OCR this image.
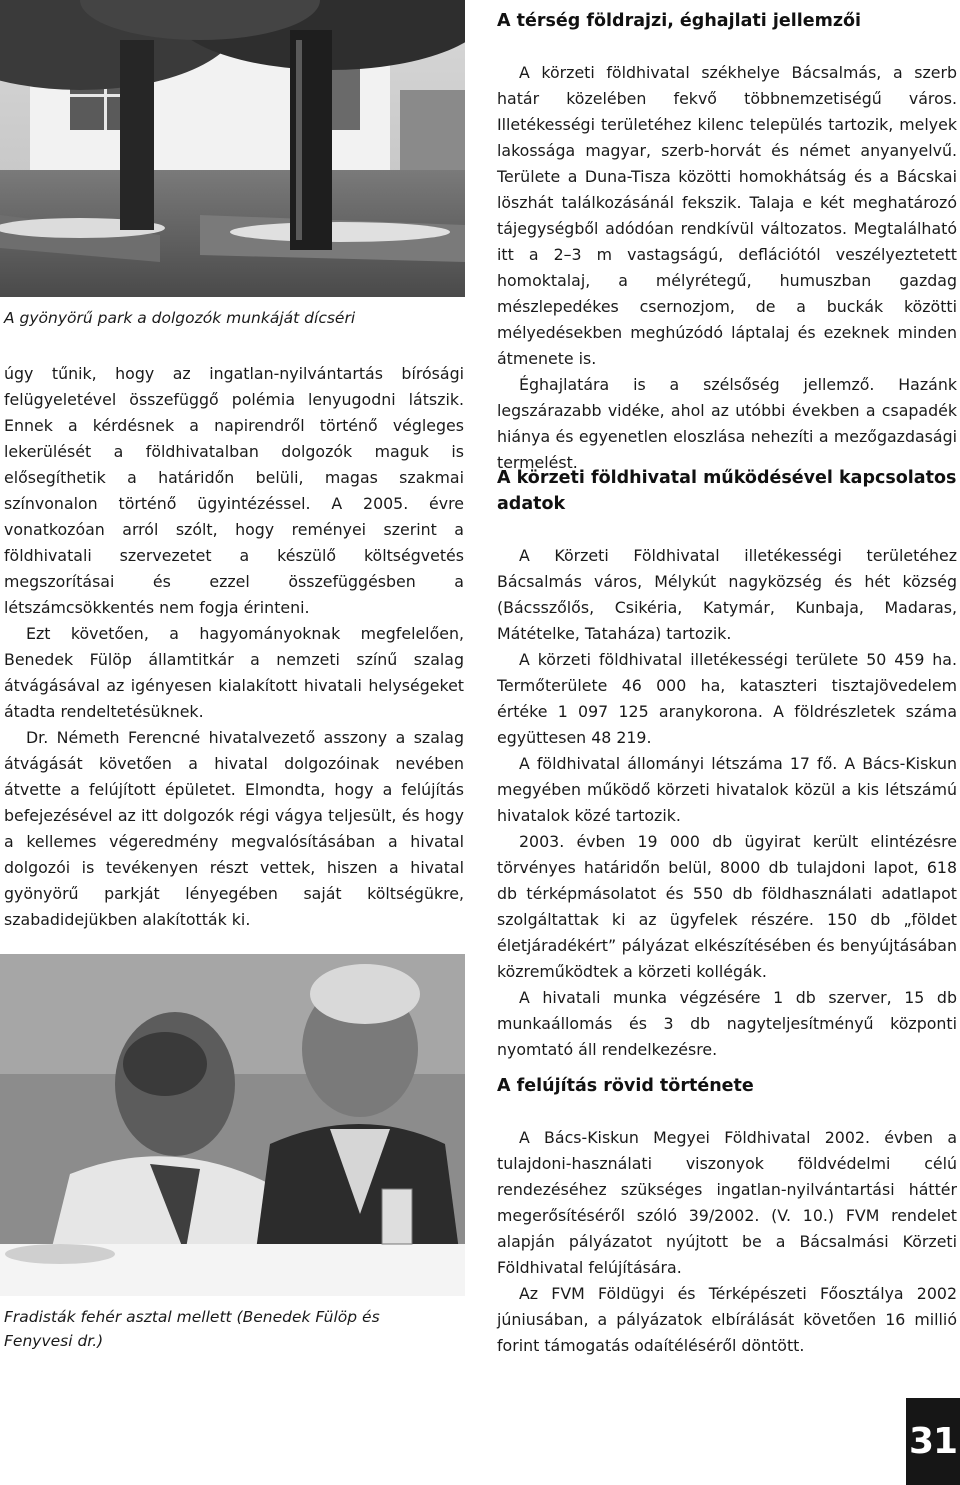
A gyönyörű park a dolgozók munkáját dícséri

úgy tűnik, hogy az ingatlan-nyilvántartás bírósági felügyeletével összefüggő polémia lenyugodni látszik. Ennek a kérdésnek a napirendről történő végleges lekerülését a földhivatalban dolgozók maguk is elősegíthetik a határidőn belüli, magas szakmai színvonalon történő ügyintézéssel. A 2005. évre vonatkozóan arról szólt, hogy reményei szerint a földhivatali szervezetet a készülő költségvetés megszorításai és ezzel összefüggésben a létszámcsökkentés nem fogja érinteni.

Ezt követően, a hagyományoknak megfelelően, Benedek Fülöp államtitkár a nemzeti színű szalag átvágásával az igényesen kialakított hivatali helységeket átadta rendeltetésüknek.

Dr. Németh Ferencné hivatalvezető asszony a szalag átvágását követően a hivatal dolgozóinak nevében átvette a felújított épületet. Elmondta, hogy a felújítás befejezésével az itt dolgozók régi vágya teljesült, és hogy a kellemes végeredmény megvalósításában a hivatal dolgozói is tevékenyen részt vettek, hiszen a hivatal gyönyörű parkját lényegében saját költségükre, szabadidejükben alakították ki.

Fradisták fehér asztal mellett (Benedek Fülöp és Fenyvesi dr.)
A térség földrajzi, éghajlati jellemzői

A körzeti földhivatal székhelye Bácsalmás, a szerb határ közelében fekvő többnemzetiségű város. Illetékességi területéhez kilenc település tartozik, melyek lakossága magyar, szerb-horvát és német anyanyelvű. Területe a Duna-Tisza közötti homokhátság és a Bácskai löszhát találkozásánál fekszik. Talaja e két meghatározó tájegységből adódóan rendkívül változatos. Megtalálható itt a 2–3 m vastagságú, deflációtól veszélyeztetett homoktalaj, a mélyrétegű, humuszban gazdag mészlepedékes csernozjom, de a buckák közötti mélyedésekben meghúzódó láptalaj és ezeknek minden átmenete is.

Éghajlatára is a szélsőség jellemző. Hazánk legszárazabb vidéke, ahol az utóbbi években a csapadék hiánya és egyenetlen eloszlása nehezíti a mezőgazdasági termelést.

A körzeti földhivatal működésével kapcsolatos adatok

A Körzeti Földhivatal illetékességi területéhez Bácsalmás város, Mélykút nagyközség és hét község (Bácsszőlős, Csikéria, Katymár, Kunbaja, Madaras, Mátételke, Tataháza) tartozik.

A körzeti földhivatal illetékességi területe 50 459 ha. Termőterülete 46 000 ha, kataszteri tisztajövedelem értéke 1 097 125 aranykorona. A földrészletek száma együttesen 48 219.

A földhivatal állományi létszáma 17 fő. A Bács-Kiskun megyében működő körzeti hivatalok közül a kis létszámú hivatalok közé tartozik.

2003. évben 19 000 db ügyirat került elintézésre törvényes határidőn belül, 8000 db tulajdoni lapot, 618 db térképmásolatot és 550 db földhasználati adatlapot szolgáltattak ki az ügyfelek részére. 150 db „földet életjáradékért” pályázat elkészítésében és benyújtásában közreműködtek a körzeti kollégák.

A hivatali munka végzésére 1 db szerver, 15 db munkaállomás és 3 db nagyteljesítményű központi nyomtató áll rendelkezésre.

A felújítás rövid története

A Bács-Kiskun Megyei Földhivatal 2002. évben a tulajdoni-használati viszonyok földvédelmi célú rendezéséhez szükséges ingatlan-nyilvántartási háttér megerősítéséről szóló 39/2002. (V. 10.) FVM rendelet alapján pályázatot nyújtott be a Bácsalmási Körzeti Földhivatal felújítására.

Az FVM Földügyi és Térképészeti Főosztálya 2002 júniusában, a pályázatok elbírálását követően 16 millió forint támogatás odaítéléséről döntött.

31
